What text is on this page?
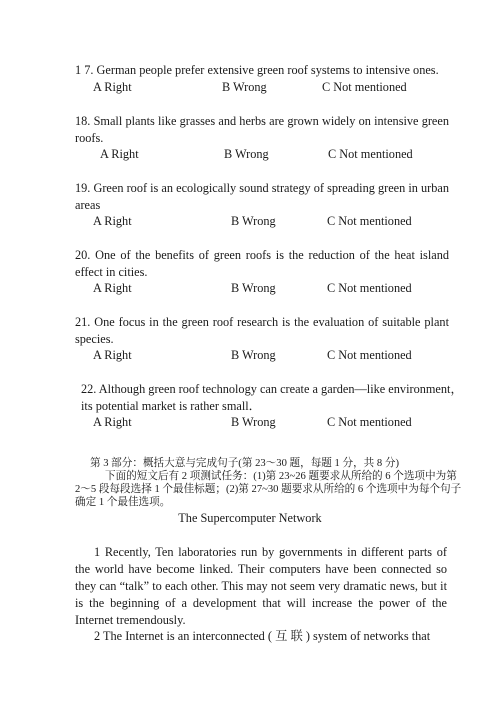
1 7. German people prefer extensive green roof systems to intensive ones.
A Right	B Wrong	C Not mentioned
18. Small plants like grasses and herbs are grown widely on intensive green roofs.
A Right	B Wrong	C Not mentioned
19. Green roof is an ecologically sound strategy of spreading green in urban areas
A Right	B Wrong	C Not mentioned
20. One of the benefits of green roofs is the reduction of the heat island effect in cities.
A Right	B Wrong	C Not mentioned
21. One focus in the green roof research is the evaluation of suitable plant species.
A Right	B Wrong	C Not mentioned
22. Although green roof technology can create a garden—like environment，
its potential market is rather small．
A Right	B Wrong	C Not mentioned
第 3 部分：概括大意与完成句子(第 23～30 题，每题 1 分，共 8 分)
下面的短文后有 2 项测试任务：(1)第 23~26 题要求从所给的 6 个选项中为第
2～5 段每段选择 1 个最佳标题；(2)第 27~30 题要求从所给的 6 个选项中为每个句子
确定 1 个最佳选项。
The Supercomputer Network
1 Recently, Ten laboratories run by governments in different parts of the world have become linked. Their computers have been connected so they can “talk” to each other. This may not seem very dramatic news, but it is the beginning of a development that will increase the power of the Internet tremendously.
2 The Internet is an interconnected ( 互 联 ) system of networks that
